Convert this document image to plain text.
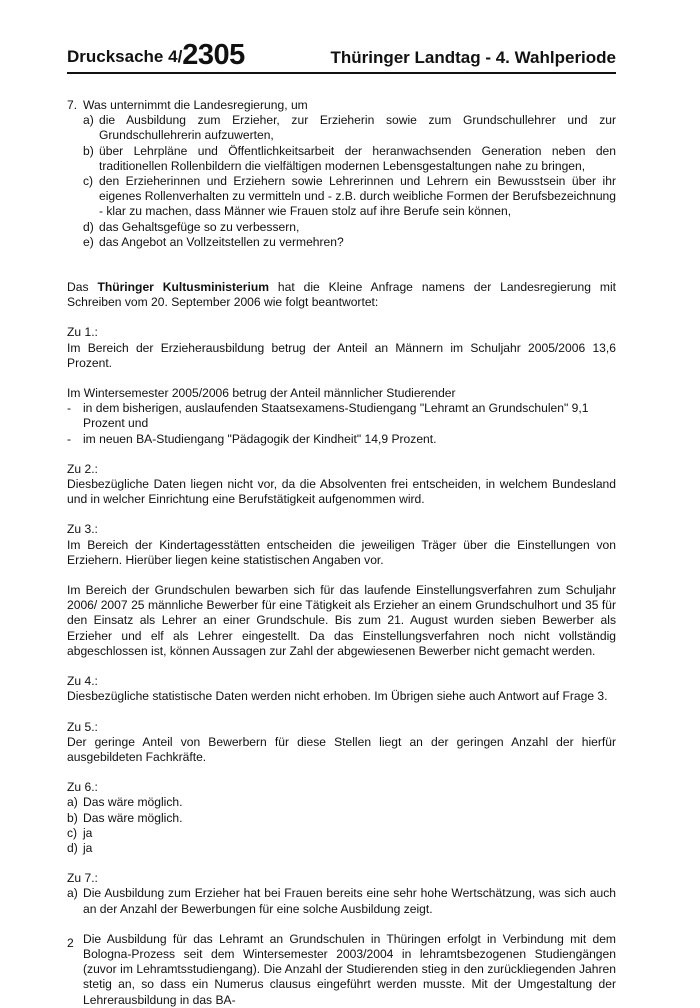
Drucksache 4/2305	Thüringer Landtag - 4. Wahlperiode
7. Was unternimmt die Landesregierung, um

a) die Ausbildung zum Erzieher, zur Erzieherin sowie zum Grundschullehrer und zur Grundschullehrerin aufzuwerten,
b) über Lehrpläne und Öffentlichkeitsarbeit der heranwachsenden Generation neben den traditionellen Rollenbildern die vielfältigen modernen Lebensgestaltungen nahe zu bringen,
c) den Erzieherinnen und Erziehern sowie Lehrerinnen und Lehrern ein Bewusstsein über ihr eigenes Rollenverhalten zu vermitteln und - z.B. durch weibliche Formen der Berufsbezeichnung - klar zu machen, dass Männer wie Frauen stolz auf ihre Berufe sein können,
d) das Gehaltsgefüge so zu verbessern,
e) das Angebot an Vollzeitstellen zu vermehren?

Das Thüringer Kultusministerium hat die Kleine Anfrage namens der Landesregierung mit Schreiben vom 20. September 2006 wie folgt beantwortet:

Zu 1.:

Im Bereich der Erzieherausbildung betrug der Anteil an Männern im Schuljahr 2005/2006 13,6 Prozent.

Im Wintersemester 2005/2006 betrug der Anteil männlicher Studierender

- in dem bisherigen, auslaufenden Staatsexamens-Studiengang "Lehramt an Grundschulen" 9,1 Prozent und
- im neuen BA-Studiengang "Pädagogik der Kindheit" 14,9 Prozent.

Zu 2.:

Diesbezügliche Daten liegen nicht vor, da die Absolventen frei entscheiden, in welchem Bundesland und in welcher Einrichtung eine Berufstätigkeit aufgenommen wird.

Zu 3.:

Im Bereich der Kindertagesstätten entscheiden die jeweiligen Träger über die Einstellungen von Erziehern. Hierüber liegen keine statistischen Angaben vor.

Im Bereich der Grundschulen bewarben sich für das laufende Einstellungsverfahren zum Schuljahr 2006/ 2007 25 männliche Bewerber für eine Tätigkeit als Erzieher an einem Grundschulhort und 35 für den Einsatz als Lehrer an einer Grundschule. Bis zum 21. August wurden sieben Bewerber als Erzieher und elf als Lehrer eingestellt. Da das Einstellungsverfahren noch nicht vollständig abgeschlossen ist, können Aussagen zur Zahl der abgewiesenen Bewerber nicht gemacht werden.

Zu 4.:

Diesbezügliche statistische Daten werden nicht erhoben. Im Übrigen siehe auch Antwort auf Frage 3.

Zu 5.:

Der geringe Anteil von Bewerbern für diese Stellen liegt an der geringen Anzahl der hierfür ausgebildeten Fachkräfte.

Zu 6.:

a) Das wäre möglich.
b) Das wäre möglich.
c) ja
d) ja

Zu 7.:

a) Die Ausbildung zum Erzieher hat bei Frauen bereits eine sehr hohe Wertschätzung, was sich auch an der Anzahl der Bewerbungen für eine solche Ausbildung zeigt.

Die Ausbildung für das Lehramt an Grundschulen in Thüringen erfolgt in Verbindung mit dem Bologna-Prozess seit dem Wintersemester 2003/2004 in lehramtsbezogenen Studiengängen (zuvor im Lehramtsstudiengang). Die Anzahl der Studierenden stieg in den zurückliegenden Jahren stetig an, so dass ein Numerus clausus eingeführt werden musste. Mit der Umgestaltung der Lehrerausbildung in das BA-

2
